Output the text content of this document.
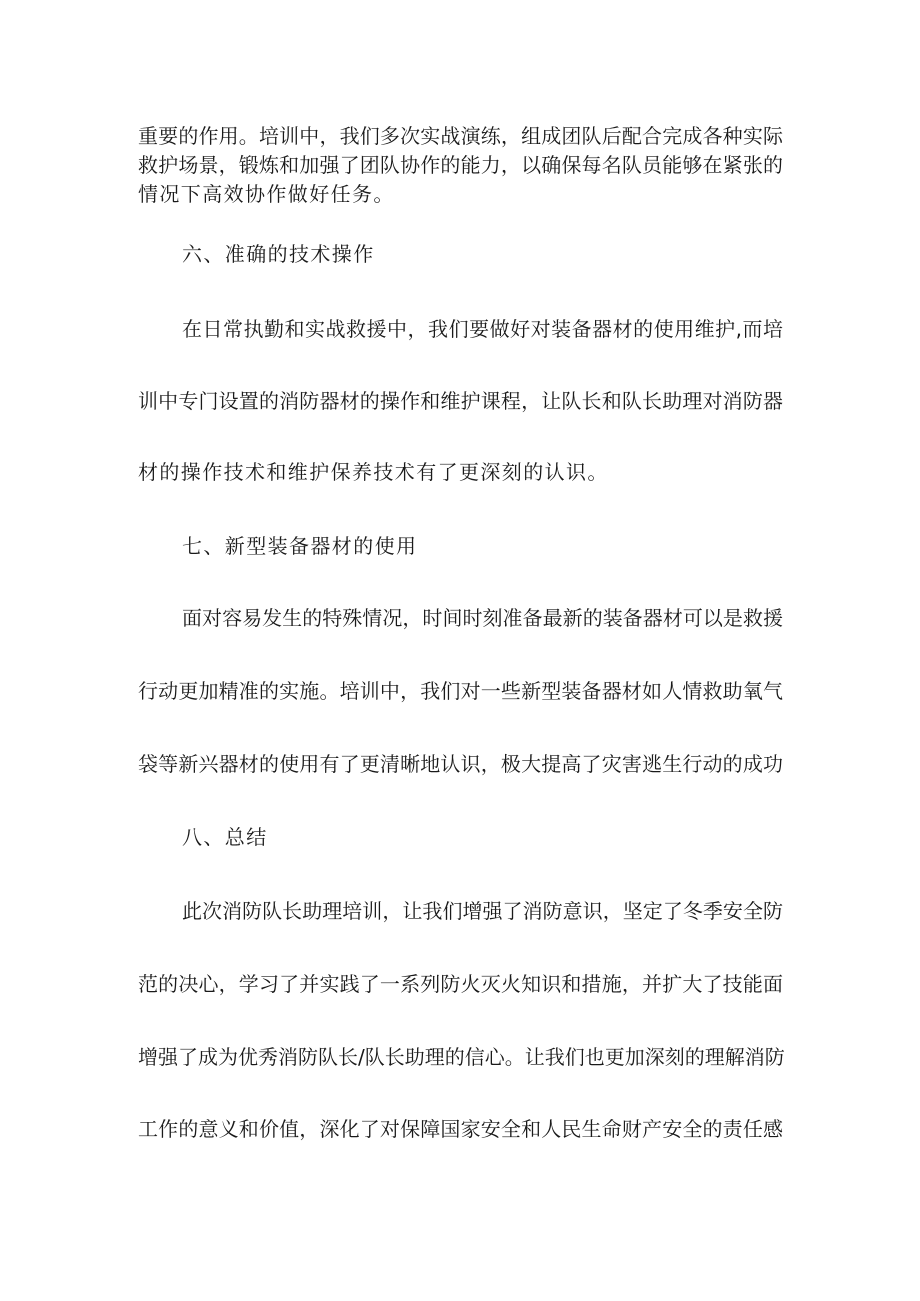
重要的作用。培训中，我们多次实战演练，组成团队后配合完成各种实际
救护场景，锻炼和加强了团队协作的能力，以确保每名队员能够在紧张的
情况下高效协作做好任务。
六、准确的技术操作
在日常执勤和实战救援中，我们要做好对装备器材的使用维护,而培
训中专门设置的消防器材的操作和维护课程，让队长和队长助理对消防器
材的操作技术和维护保养技术有了更深刻的认识。
七、新型装备器材的使用
面对容易发生的特殊情况，时间时刻准备最新的装备器材可以是救援
行动更加精准的实施。培训中，我们对一些新型装备器材如人情救助氧气
袋等新兴器材的使用有了更清晰地认识，极大提高了灾害逃生行动的成功
八、总结
此次消防队长助理培训，让我们增强了消防意识，坚定了冬季安全防
范的决心，学习了并实践了一系列防火灭火知识和措施，并扩大了技能面
增强了成为优秀消防队长/队长助理的信心。让我们也更加深刻的理解消防
工作的意义和价值，深化了对保障国家安全和人民生命财产安全的责任感
